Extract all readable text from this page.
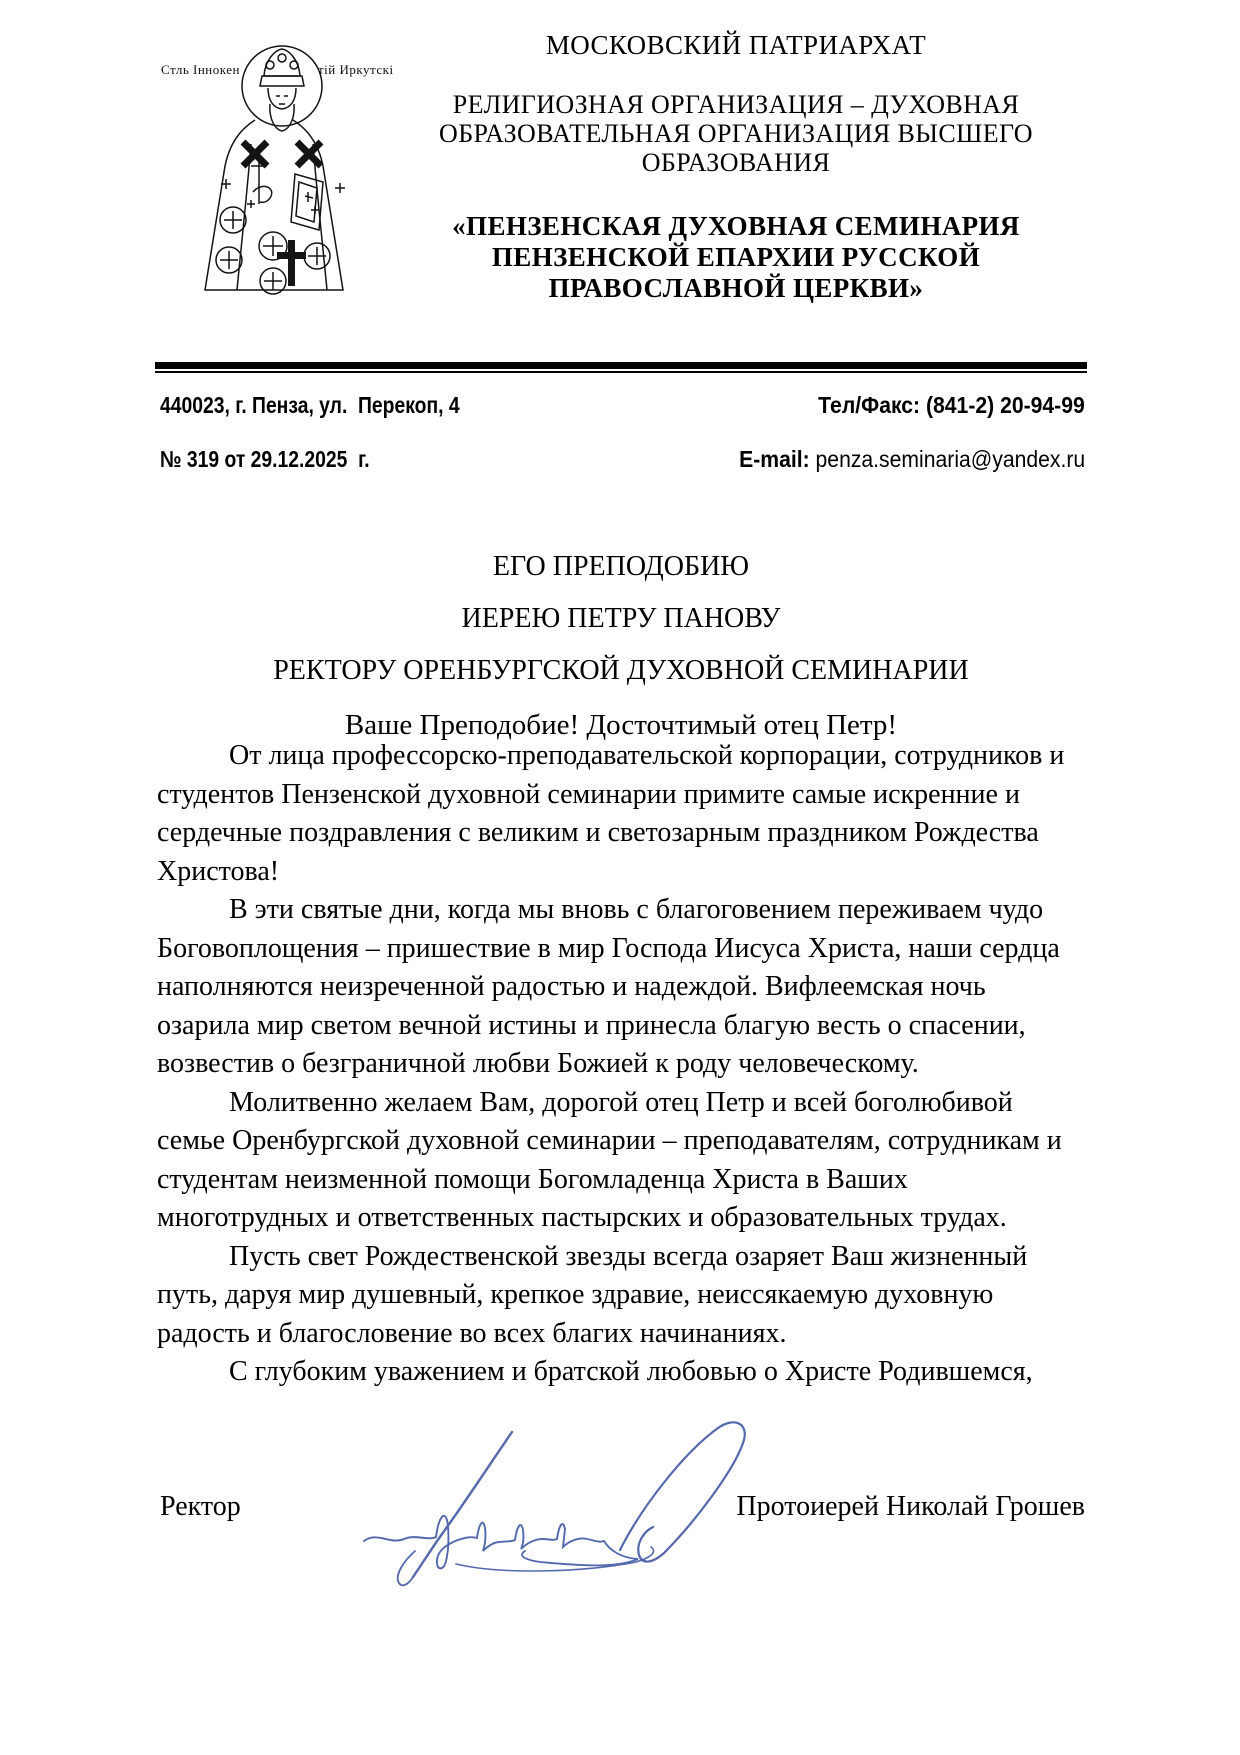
Стль Іннокен	тій Иркутскій
МОСКОВСКИЙ ПАТРИАРХАТ
РЕЛИГИОЗНАЯ ОРГАНИЗАЦИЯ – ДУХОВНАЯ
ОБРАЗОВАТЕЛЬНАЯ ОРГАНИЗАЦИЯ ВЫСШЕГО
ОБРАЗОВАНИЯ
«ПЕНЗЕНСКАЯ ДУХОВНАЯ СЕМИНАРИЯ
ПЕНЗЕНСКОЙ ЕПАРХИИ РУССКОЙ
ПРАВОСЛАВНОЙ ЦЕРКВИ»
440023, г. Пенза, ул.  Перекоп, 4	Тел/Факс: (841-2) 20-94-99
№ 319 от 29.12.2025  г.	E-mail: penza.seminaria@yandex.ru
ЕГО ПРЕПОДОБИЮ
ИЕРЕЮ ПЕТРУ ПАНОВУ
РЕКТОРУ ОРЕНБУРГСКОЙ ДУХОВНОЙ СЕМИНАРИИ
Ваше Преподобие! Досточтимый отец Петр!

От лица профессорско-преподавательской корпорации, сотрудников и студентов Пензенской духовной семинарии примите самые искренние и сердечные поздравления с великим и светозарным праздником Рождества Христова!

В эти святые дни, когда мы вновь с благоговением переживаем чудо Боговоплощения – пришествие в мир Господа Иисуса Христа, наши сердца наполняются неизреченной радостью и надеждой. Вифлеемская ночь озарила мир светом вечной истины и принесла благую весть о спасении, возвестив о безграничной любви Божией к роду человеческому.

Молитвенно желаем Вам, дорогой отец Петр и всей боголюбивой семье Оренбургской духовной семинарии – преподавателям, сотрудникам и студентам неизменной помощи Богомладенца Христа в Ваших многотрудных и ответственных пастырских и образовательных трудах.

Пусть свет Рождественской звезды всегда озаряет Ваш жизненный путь, даруя мир душевный, крепкое здравие, неиссякаемую духовную радость и благословение во всех благих начинаниях.

С глубоким уважением и братской любовью о Христе Родившемся,

Ректор	Протоиерей Николай Грошев
